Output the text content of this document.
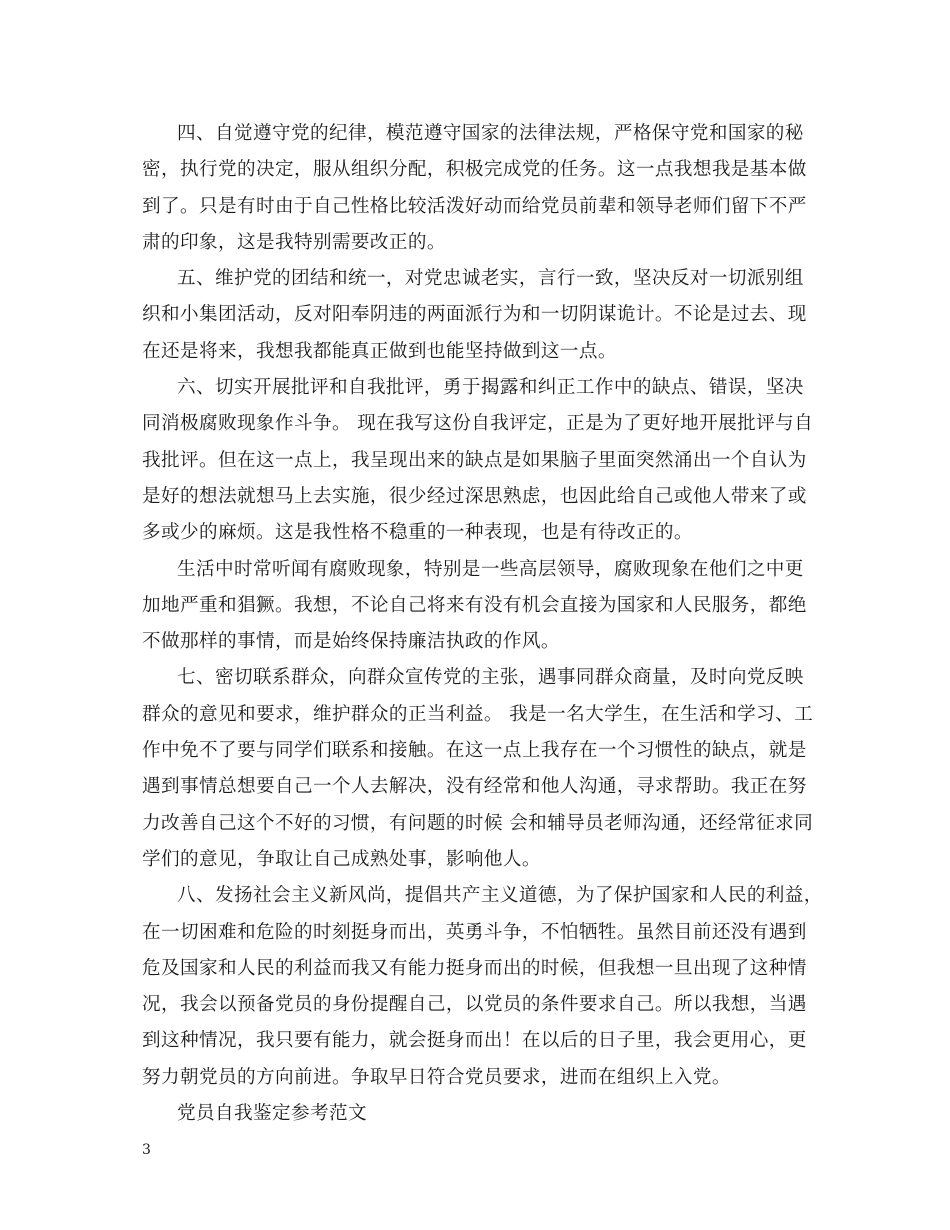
四、自觉遵守党的纪律，模范遵守国家的法律法规，严格保守党和国家的秘
密，执行党的决定，服从组织分配，积极完成党的任务。这一点我想我是基本做
到了。只是有时由于自己性格比较活泼好动而给党员前辈和领导老师们留下不严
肃的印象，这是我特别需要改正的。
五、维护党的团结和统一，对党忠诚老实，言行一致，坚决反对一切派别组
织和小集团活动，反对阳奉阴违的两面派行为和一切阴谋诡计。不论是过去、现
在还是将来，我想我都能真正做到也能坚持做到这一点。
六、切实开展批评和自我批评，勇于揭露和纠正工作中的缺点、错误，坚决
同消极腐败现象作斗争。 现在我写这份自我评定，正是为了更好地开展批评与自
我批评。但在这一点上，我呈现出来的缺点是如果脑子里面突然涌出一个自认为
是好的想法就想马上去实施，很少经过深思熟虑，也因此给自己或他人带来了或
多或少的麻烦。这是我性格不稳重的一种表现，也是有待改正的。
生活中时常听闻有腐败现象，特别是一些高层领导，腐败现象在他们之中更
加地严重和猖獗。我想，不论自己将来有没有机会直接为国家和人民服务，都绝
不做那样的事情，而是始终保持廉洁执政的作风。
七、密切联系群众，向群众宣传党的主张，遇事同群众商量，及时向党反映
群众的意见和要求，维护群众的正当利益。 我是一名大学生，在生活和学习、工
作中免不了要与同学们联系和接触。在这一点上我存在一个习惯性的缺点，就是
遇到事情总想要自己一个人去解决，没有经常和他人沟通，寻求帮助。我正在努
力改善自己这个不好的习惯，有问题的时候 会和辅导员老师沟通，还经常征求同
学们的意见，争取让自己成熟处事，影响他人。
八、发扬社会主义新风尚，提倡共产主义道德，为了保护国家和人民的利益，
在一切困难和危险的时刻挺身而出，英勇斗争，不怕牺牲。虽然目前还没有遇到
危及国家和人民的利益而我又有能力挺身而出的时候，但我想一旦出现了这种情
况，我会以预备党员的身份提醒自己，以党员的条件要求自己。所以我想，当遇
到这种情况，我只要有能力，就会挺身而出！在以后的日子里，我会更用心，更
努力朝党员的方向前进。争取早日符合党员要求，进而在组织上入党。
党员自我鉴定参考范文
3
